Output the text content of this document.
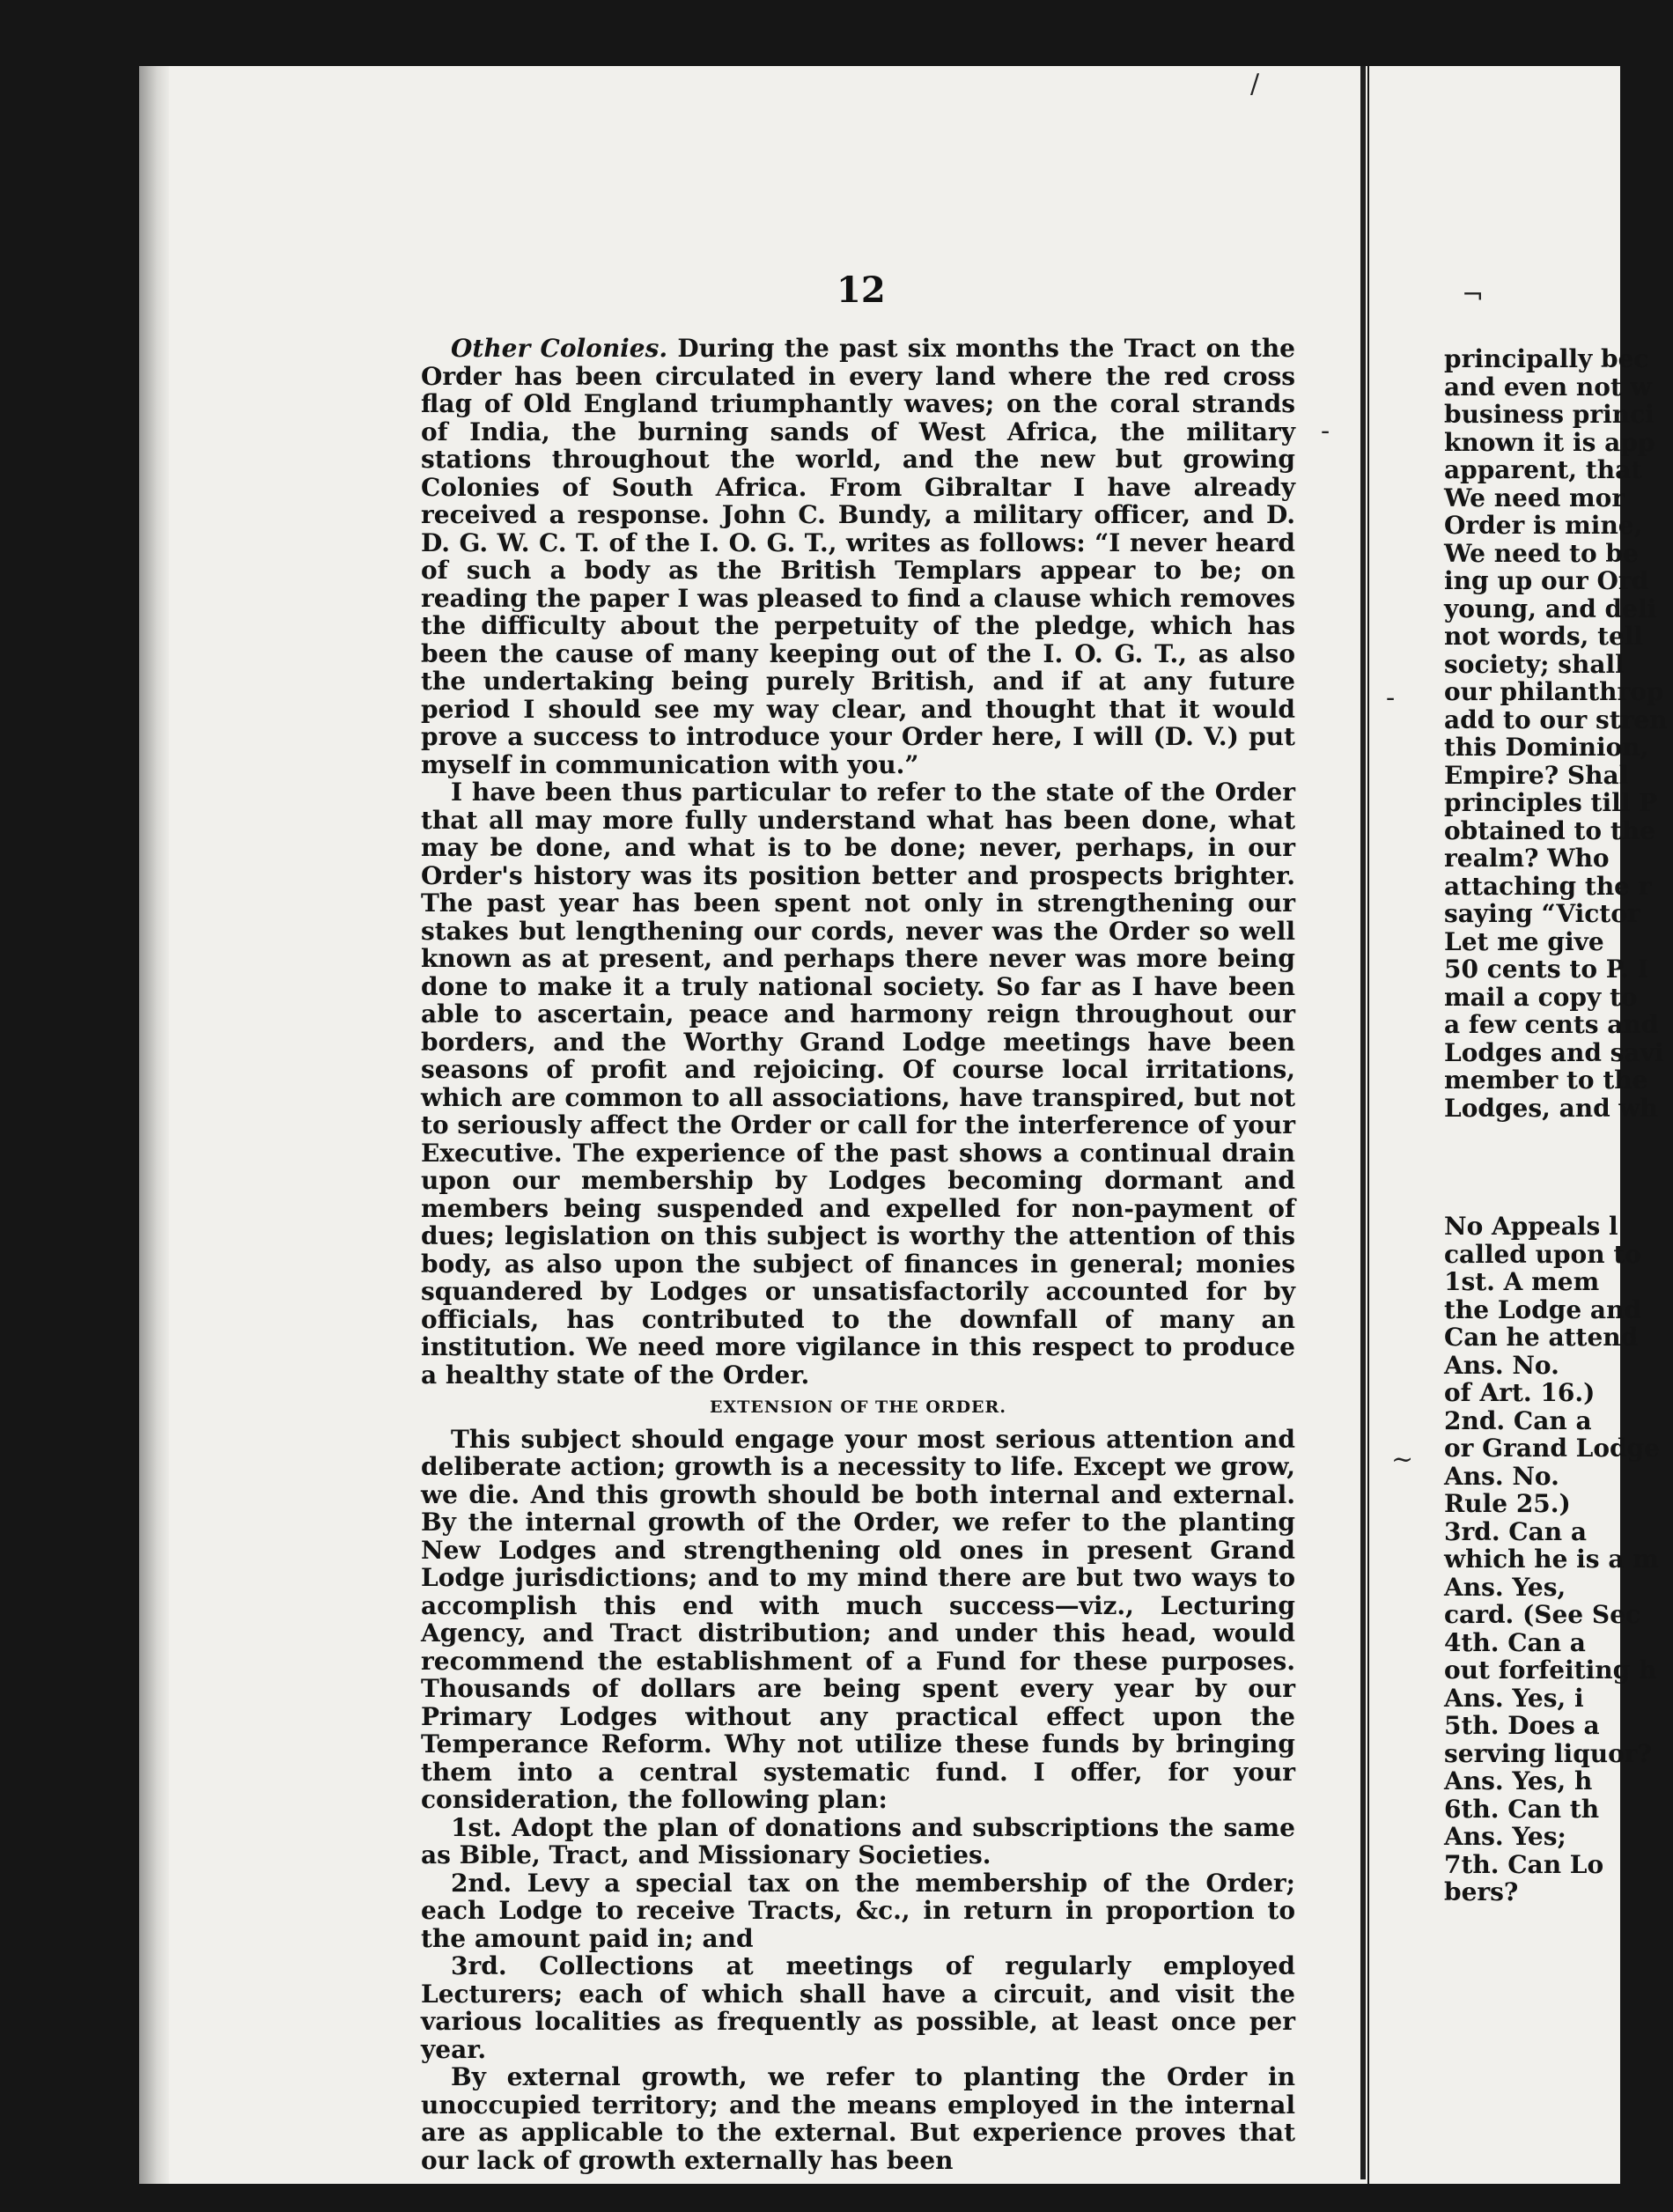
12

Other Colonies. During the past six months the Tract on the Order has been circulated in every land where the red cross flag of Old England triumphantly waves; on the coral strands of India, the burning sands of West Africa, the military stations throughout the world, and the new but growing Colonies of South Africa. From Gibraltar I have already received a response. John C. Bundy, a military officer, and D. D. G. W. C. T. of the I. O. G. T., writes as follows: “I never heard of such a body as the British Templars appear to be; on reading the paper I was pleased to find a clause which removes the difficulty about the perpetuity of the pledge, which has been the cause of many keeping out of the I. O. G. T., as also the undertaking being purely British, and if at any future period I should see my way clear, and thought that it would prove a success to introduce your Order here, I will (D. V.) put myself in communication with you.”

I have been thus particular to refer to the state of the Order that all may more fully understand what has been done, what may be done, and what is to be done; never, perhaps, in our Order's history was its position better and prospects brighter. The past year has been spent not only in strengthening our stakes but lengthening our cords, never was the Order so well known as at present, and perhaps there never was more being done to make it a truly national society. So far as I have been able to ascertain, peace and harmony reign throughout our borders, and the Worthy Grand Lodge meetings have been seasons of profit and rejoicing. Of course local irritations, which are common to all associations, have transpired, but not to seriously affect the Order or call for the interference of your Executive. The experience of the past shows a continual drain upon our membership by Lodges becoming dormant and members being suspended and expelled for non-payment of dues; legislation on this subject is worthy the attention of this body, as also upon the subject of finances in general; monies squandered by Lodges or unsatisfactorily accounted for by officials, has contributed to the downfall of many an institution. We need more vigilance in this respect to produce a healthy state of the Order.

EXTENSION OF THE ORDER.

This subject should engage your most serious attention and deliberate action; growth is a necessity to life. Except we grow, we die. And this growth should be both internal and external. By the internal growth of the Order, we refer to the planting New Lodges and strengthening old ones in present Grand Lodge jurisdictions; and to my mind there are but two ways to accomplish this end with much success—viz., Lecturing Agency, and Tract distribution; and under this head, would recommend the establishment of a Fund for these purposes. Thousands of dollars are being spent every year by our Primary Lodges without any practical effect upon the Temperance Reform. Why not utilize these funds by bringing them into a central systematic fund. I offer, for your consideration, the following plan:

1st. Adopt the plan of donations and subscriptions the same as Bible, Tract, and Missionary Societies.

2nd. Levy a special tax on the membership of the Order; each Lodge to receive Tracts, &c., in return in proportion to the amount paid in; and

3rd. Collections at meetings of regularly employed Lecturers; each of which shall have a circuit, and visit the various localities as frequently as possible, at least once per year.

By external growth, we refer to planting the Order in unoccupied territory; and the means employed in the internal are as applicable to the external. But experience proves that our lack of growth externally has been

principally bec
and even not w
business princi
known it is app
apparent, that
We need mor
Order is mine,
We need to be
ing up our Ord
young, and deli
not words, tell
society; shall
our philanthrop
add to our stren
this Dominion,
Empire? Shal
principles till P
obtained to the
realm? Who
attaching the r
saying “Victor
Let me give
50 cents to P. I
mail a copy to
a few cents and
Lodges and savi
member to the
Lodges, and wh
No Appeals l
called upon to
1st. A mem
the Lodge and
Can he attend
Ans. No.
of Art. 16.)
2nd. Can a
or Grand Lodge
Ans. No.
Rule 25.)
3rd. Can a
which he is a m
Ans. Yes,
card. (See Sec
4th. Can a
out forfeiting h
Ans. Yes, i
5th. Does a
serving liquor?
Ans. Yes, h
6th. Can th
Ans. Yes;
7th. Can Lo
bers?
/
¬
-
-
~
